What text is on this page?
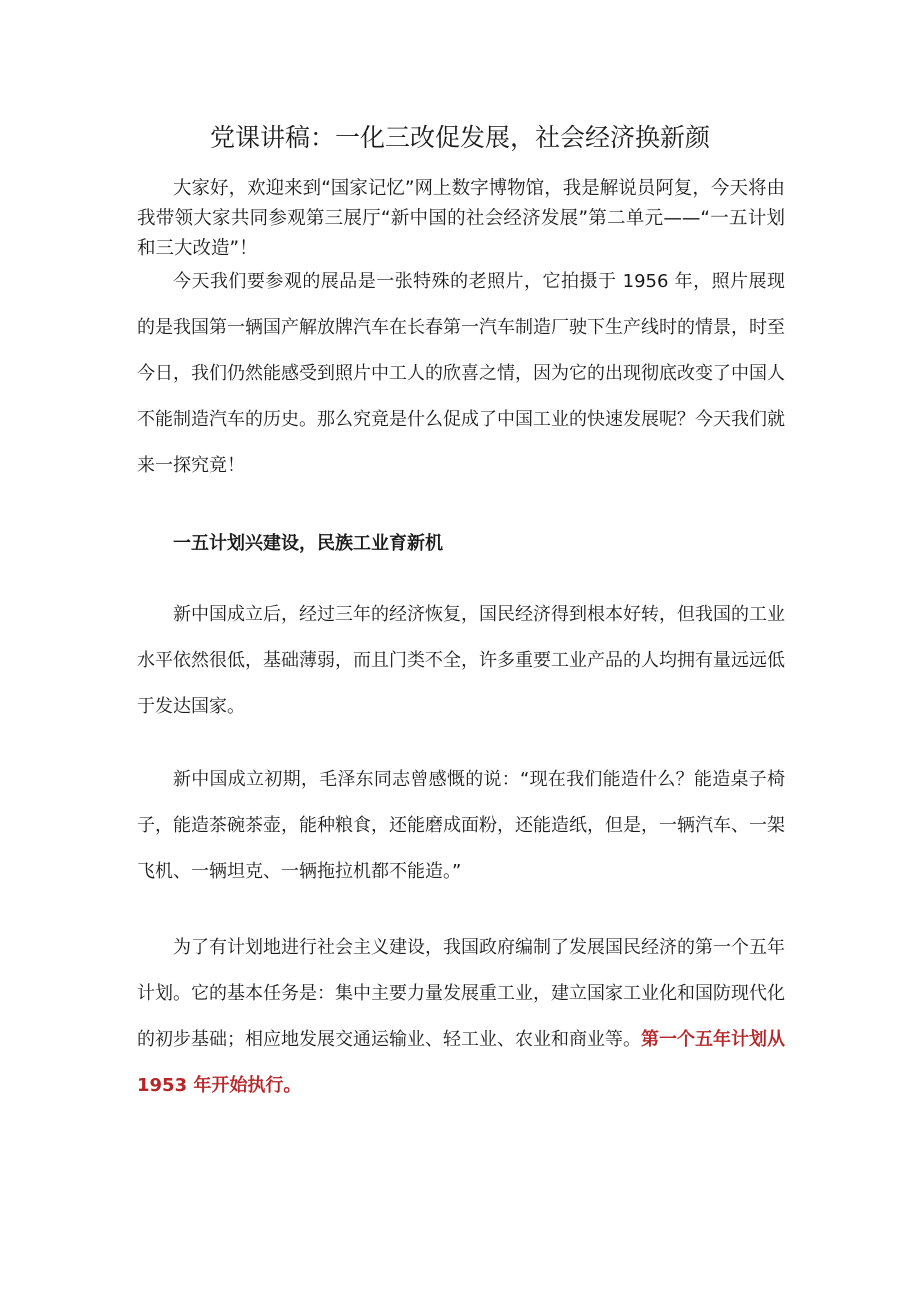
党课讲稿：一化三改促发展，社会经济换新颜

大家好，欢迎来到“国家记忆”网上数字博物馆，我是解说员阿复，今天将由我带领大家共同参观第三展厅“新中国的社会经济发展”第二单元——“一五计划和三大改造”！

今天我们要参观的展品是一张特殊的老照片，它拍摄于 1956 年，照片展现的是我国第一辆国产解放牌汽车在长春第一汽车制造厂驶下生产线时的情景，时至今日，我们仍然能感受到照片中工人的欣喜之情，因为它的出现彻底改变了中国人不能制造汽车的历史。那么究竟是什么促成了中国工业的快速发展呢？今天我们就来一探究竟！

一五计划兴建设，民族工业育新机

新中国成立后，经过三年的经济恢复，国民经济得到根本好转，但我国的工业水平依然很低，基础薄弱，而且门类不全，许多重要工业产品的人均拥有量远远低于发达国家。

新中国成立初期，毛泽东同志曾感慨的说：“现在我们能造什么？能造桌子椅子，能造茶碗茶壶，能种粮食，还能磨成面粉，还能造纸，但是，一辆汽车、一架飞机、一辆坦克、一辆拖拉机都不能造。”

为了有计划地进行社会主义建设，我国政府编制了发展国民经济的第一个五年计划。它的基本任务是：集中主要力量发展重工业，建立国家工业化和国防现代化的初步基础；相应地发展交通运输业、轻工业、农业和商业等。第一个五年计划从 1953 年开始执行。
